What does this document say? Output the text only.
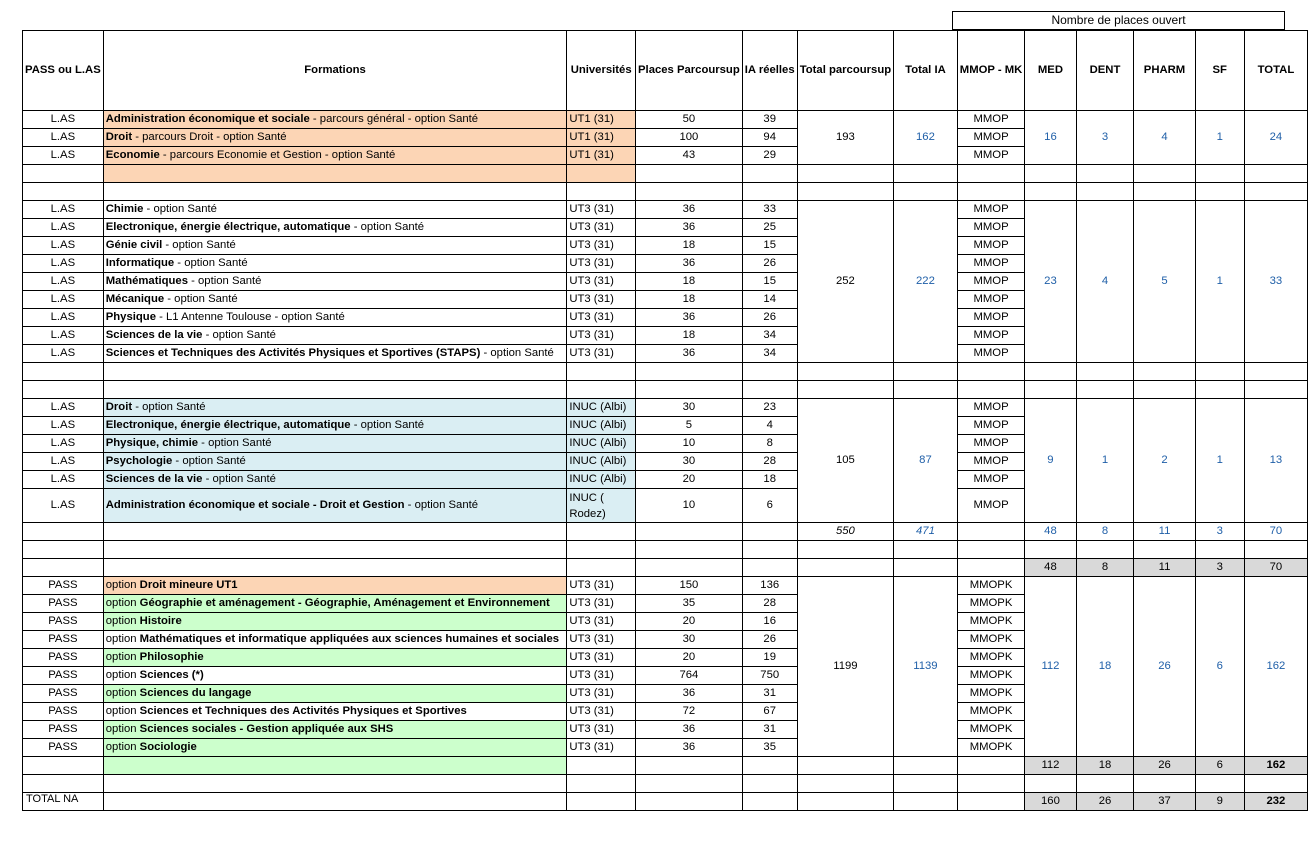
Nombre de places ouvert
PASS ou L.AS	Formations	Universités	Places Parcoursup	IA réelles	Total parcoursup	Total IA	MMOP - MK	MED	DENT	PHARM	SF	TOTAL
L.AS	Administration économique et sociale - parcours général - option Santé	UT1 (31)	50	39	193	162	MMOP	16	3	4	1	24
L.AS	Droit - parcours Droit - option Santé	UT1 (31)	100	94			MMOP					
L.AS	Economie - parcours Economie et Gestion - option Santé	UT1 (31)	43	29			MMOP					

L.AS	Chimie - option Santé	UT3 (31)	36	33	252	222	MMOP	23	4	5	1	33
L.AS	Electronique, énergie électrique, automatique - option Santé	UT3 (31)	36	25			MMOP					
L.AS	Génie civil - option Santé	UT3 (31)	18	15			MMOP					
L.AS	Informatique - option Santé	UT3 (31)	36	26			MMOP					
L.AS	Mathématiques - option Santé	UT3 (31)	18	15			MMOP					
L.AS	Mécanique - option Santé	UT3 (31)	18	14			MMOP					
L.AS	Physique - L1 Antenne Toulouse - option Santé	UT3 (31)	36	26			MMOP					
L.AS	Sciences de la vie - option Santé	UT3 (31)	18	34			MMOP					
L.AS	Sciences et Techniques des Activités Physiques et Sportives (STAPS) - option Santé	UT3 (31)	36	34			MMOP					

L.AS	Droit - option Santé	INUC (Albi)	30	23	105	87	MMOP	9	1	2	1	13
L.AS	Electronique, énergie électrique, automatique - option Santé	INUC (Albi)	5	4			MMOP					
L.AS	Physique, chimie - option Santé	INUC (Albi)	10	8			MMOP					
L.AS	Psychologie - option Santé	INUC (Albi)	30	28			MMOP					
L.AS	Sciences de la vie - option Santé	INUC (Albi)	20	18			MMOP					
L.AS	Administration économique et sociale - Droit et Gestion - option Santé	INUC ( Rodez)	10	6			MMOP					
					550	471		48	8	11	3	70

								48	8	11	3	70
PASS	option Droit mineure UT1	UT3 (31)	150	136	1199	1139	MMOPK	112	18	26	6	162
PASS	option Géographie et aménagement - Géographie, Aménagement et Environnement	UT3 (31)	35	28			MMOPK					
PASS	option Histoire	UT3 (31)	20	16			MMOPK					
PASS	option Mathématiques et informatique appliquées aux sciences humaines et sociales	UT3 (31)	30	26			MMOPK					
PASS	option Philosophie	UT3 (31)	20	19			MMOPK					
PASS	option Sciences (*)	UT3 (31)	764	750			MMOPK					
PASS	option Sciences du langage	UT3 (31)	36	31			MMOPK					
PASS	option Sciences et Techniques des Activités Physiques et Sportives	UT3 (31)	72	67			MMOPK					
PASS	option Sciences sociales - Gestion appliquée aux SHS	UT3 (31)	36	31			MMOPK					
PASS	option Sociologie	UT3 (31)	36	35			MMOPK					
								112	18	26	6	162

								160	26	37	9	232
TOTAL NA
